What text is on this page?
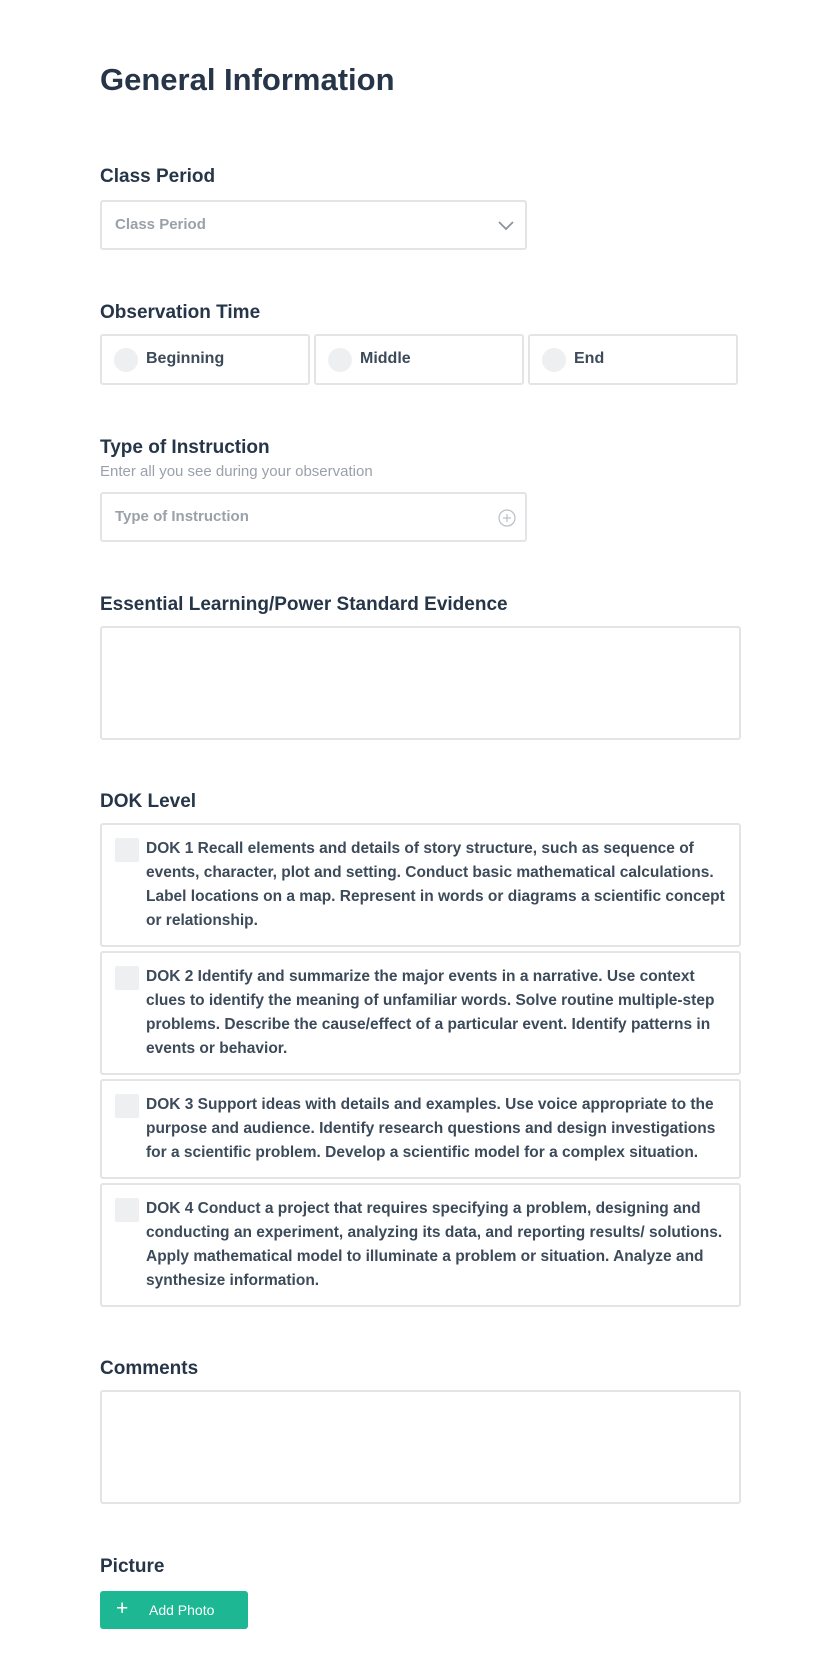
General Information
Class Period
Class Period
Observation Time
Beginning	Middle	End
Type of Instruction
Enter all you see during your observation
Type of Instruction
Essential Learning/Power Standard Evidence
DOK Level
DOK 1 Recall elements and details of story structure, such as sequence of events, character, plot and setting. Conduct basic mathematical calculations. Label locations on a map. Represent in words or diagrams a scientific concept or relationship.
DOK 2 Identify and summarize the major events in a narrative. Use context clues to identify the meaning of unfamiliar words. Solve routine multiple-step problems. Describe the cause/effect of a particular event. Identify patterns in events or behavior.
DOK 3 Support ideas with details and examples. Use voice appropriate to the purpose and audience. Identify research questions and design investigations for a scientific problem. Develop a scientific model for a complex situation.
DOK 4 Conduct a project that requires specifying a problem, designing and conducting an experiment, analyzing its data, and reporting results/ solutions. Apply mathematical model to illuminate a problem or situation. Analyze and synthesize information.
Comments
Picture
+ Add Photo
